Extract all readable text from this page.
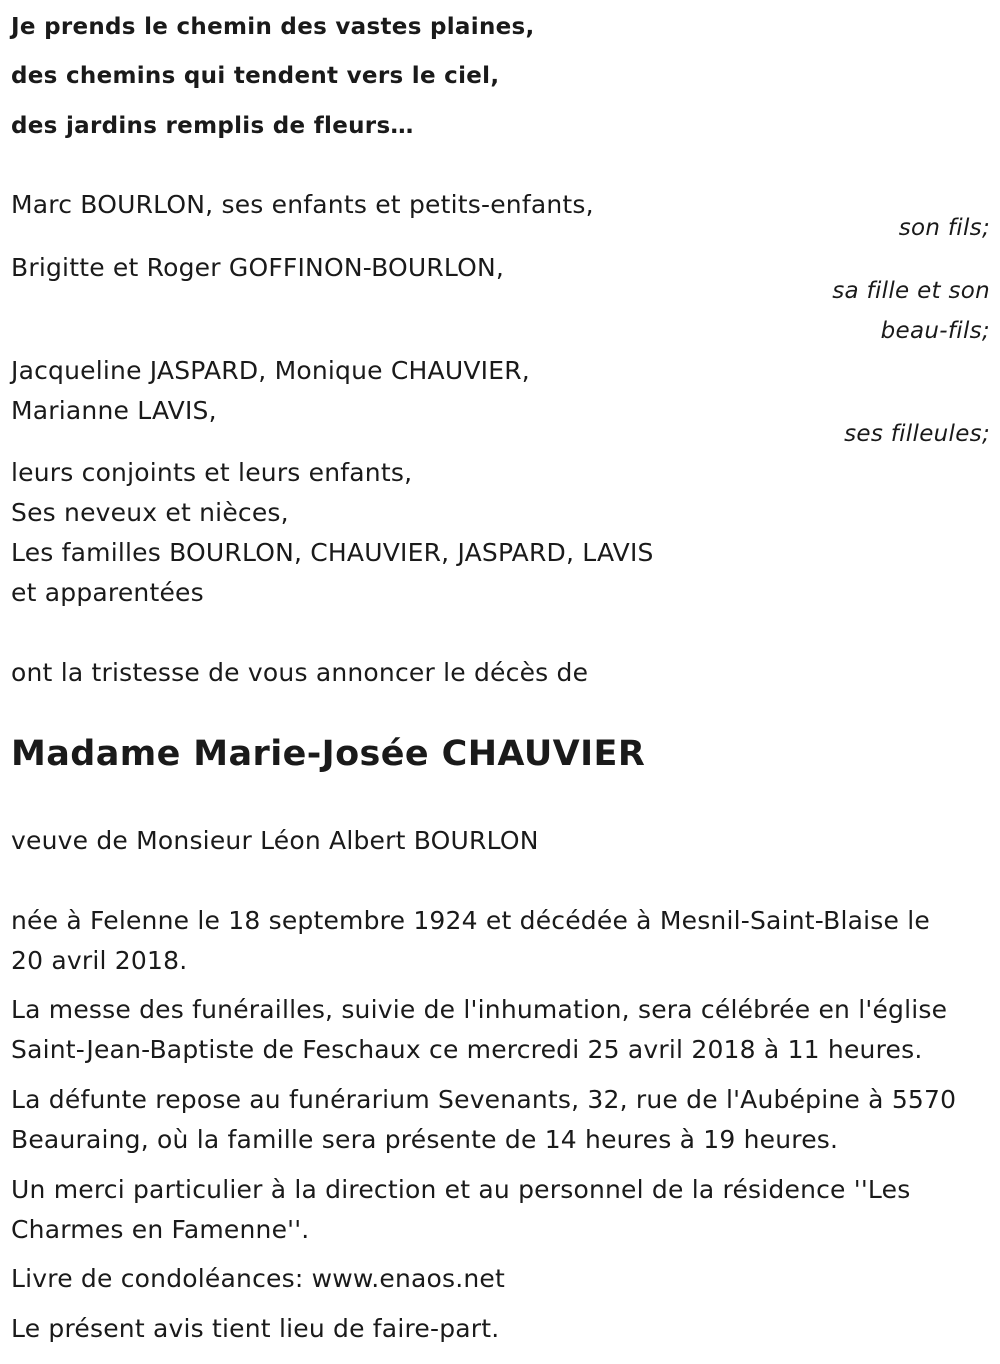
Je prends le chemin des vastes plaines,
des chemins qui tendent vers le ciel,
des jardins remplis de fleurs…
Marc BOURLON, ses enfants et petits-enfants,
son fils;
Brigitte et Roger GOFFINON-BOURLON,
sa fille et son
beau-fils;
Jacqueline JASPARD, Monique CHAUVIER,
Marianne LAVIS,
ses filleules;
leurs conjoints et leurs enfants,
Ses neveux et nièces,
Les familles BOURLON, CHAUVIER, JASPARD, LAVIS
et apparentées
ont la tristesse de vous annoncer le décès de
Madame Marie-Josée CHAUVIER
veuve de Monsieur Léon Albert BOURLON
née à Felenne le 18 septembre 1924 et décédée à Mesnil-Saint-Blaise le
20 avril 2018.
La messe des funérailles, suivie de l'inhumation, sera célébrée en l'église
Saint-Jean-Baptiste de Feschaux ce mercredi 25 avril 2018 à 11 heures.
La défunte repose au funérarium Sevenants, 32, rue de l'Aubépine à 5570
Beauraing, où la famille sera présente de 14 heures à 19 heures.
Un merci particulier à la direction et au personnel de la résidence ''Les
Charmes en Famenne''.
Livre de condoléances: www.enaos.net
Le présent avis tient lieu de faire-part.
